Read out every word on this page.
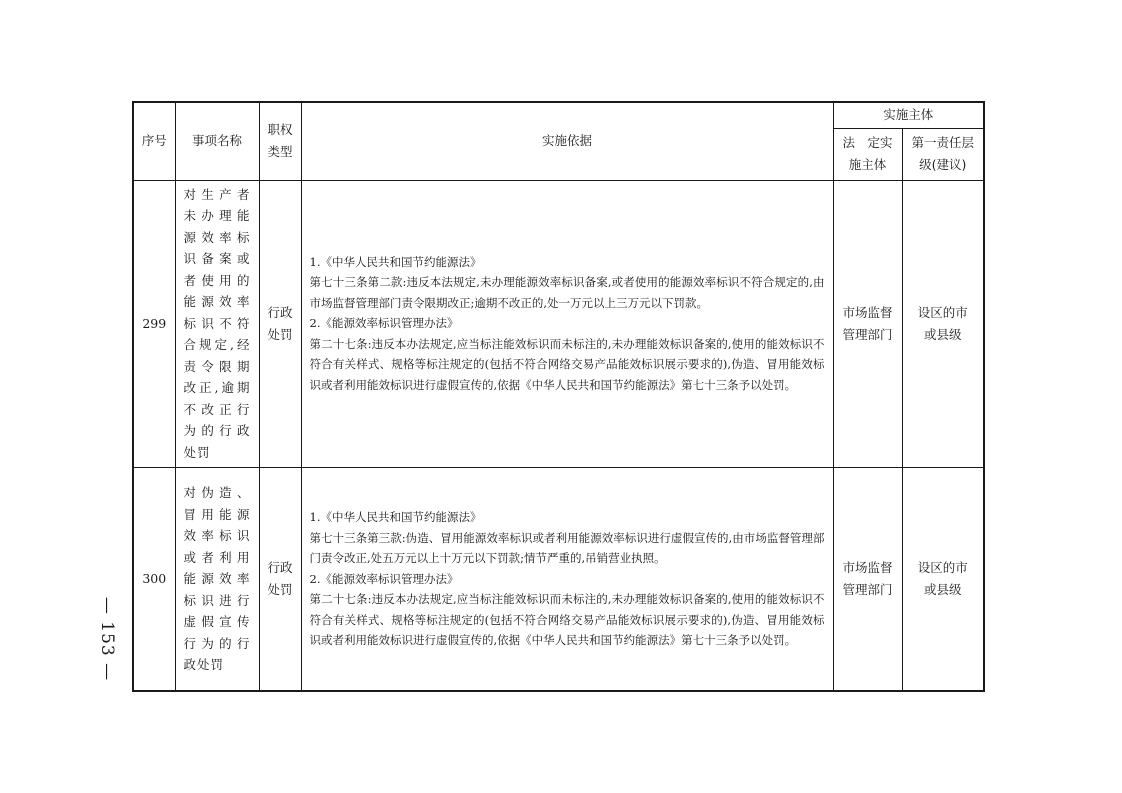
— 153 —
序号	事项名称	职权类型	实施依据	实施主体	

				法　定实施主体	第一责任层级(建议)

299	对生产者未办理能源效率标识备案或者使用的能源效率标识不符合规定,经责令限期改正,逾期不改正行为的行政处罚	行政处罚	1.《中华人民共和国节约能源法》

第七十三条第二款:违反本法规定,未办理能源效率标识备案,或者使用的能源效率标识不符合规定的,由市场监督管理部门责令限期改正;逾期不改正的,处一万元以上三万元以下罚款。

2.《能源效率标识管理办法》

第二十七条:违反本办法规定,应当标注能效标识而未标注的,未办理能效标识备案的,使用的能效标识不符合有关样式、规格等标注规定的(包括不符合网络交易产品能效标识展示要求的),伪造、冒用能效标识或者利用能效标识进行虚假宣传的,依据《中华人民共和国节约能源法》第七十三条予以处罚。	市场监督管理部门	设区的市或县级

300	对伪造、冒用能源效率标识或者利用能源效率标识进行虚假宣传行为的行政处罚	行政处罚	1.《中华人民共和国节约能源法》

第七十三条第三款:伪造、冒用能源效率标识或者利用能源效率标识进行虚假宣传的,由市场监督管理部门责令改正,处五万元以上十万元以下罚款;情节严重的,吊销营业执照。

2.《能源效率标识管理办法》

第二十七条:违反本办法规定,应当标注能效标识而未标注的,未办理能效标识备案的,使用的能效标识不符合有关样式、规格等标注规定的(包括不符合网络交易产品能效标识展示要求的),伪造、冒用能效标识或者利用能效标识进行虚假宣传的,依据《中华人民共和国节约能源法》第七十三条予以处罚。	市场监督管理部门	设区的市或县级
